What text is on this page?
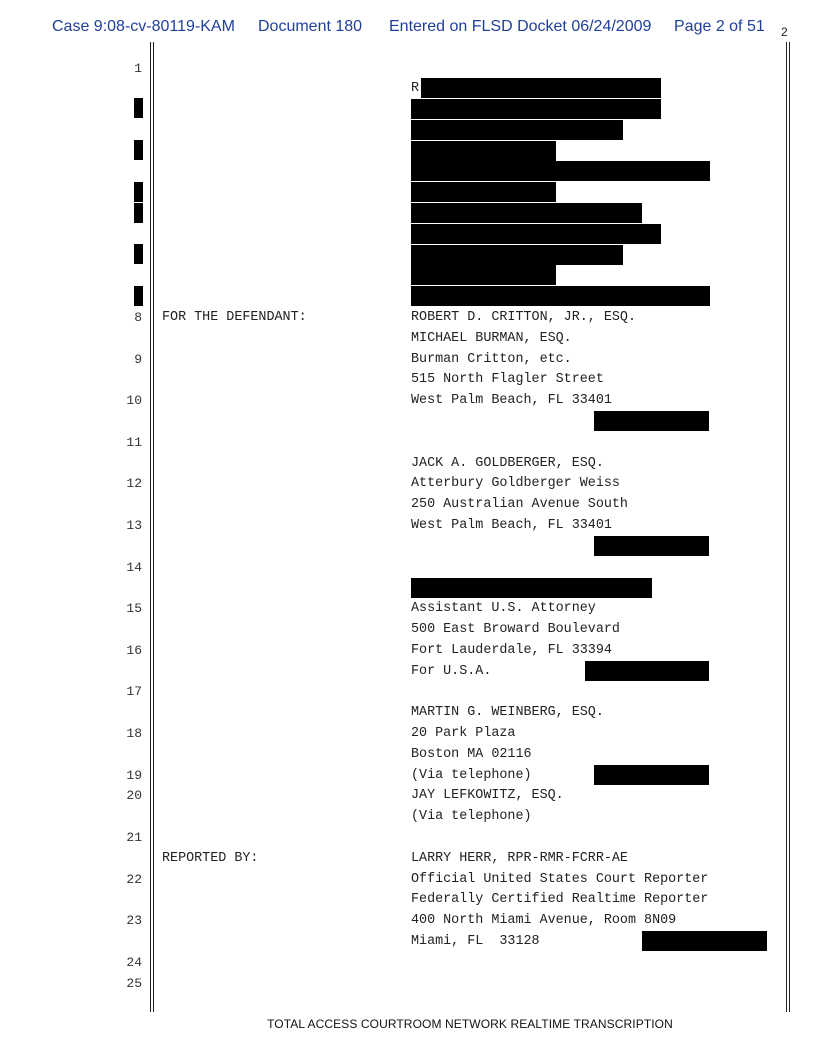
Case 9:08-cv-80119-KAM Document 180 Entered on FLSD Docket 06/24/2009 Page 2 of 51 2
1
8
9
10
11
12
13
14
15
16
17
18
19
20
21
22
23
24
25
R
FOR THE DEFENDANT:
REPORTED BY:
ROBERT D. CRITTON, JR., ESQ.
MICHAEL BURMAN, ESQ.
Burman Critton, etc.
515 North Flagler Street
West Palm Beach, FL 33401
JACK A. GOLDBERGER, ESQ.
Atterbury Goldberger Weiss
250 Australian Avenue South
West Palm Beach, FL 33401
Assistant U.S. Attorney
500 East Broward Boulevard
Fort Lauderdale, FL 33394
For U.S.A.
MARTIN G. WEINBERG, ESQ.
20 Park Plaza
Boston MA 02116
(Via telephone)
JAY LEFKOWITZ, ESQ.
(Via telephone)
LARRY HERR, RPR-RMR-FCRR-AE
Official United States Court Reporter
Federally Certified Realtime Reporter
400 North Miami Avenue, Room 8N09
Miami, FL  33128
TOTAL ACCESS COURTROOM NETWORK REALTIME TRANSCRIPTION
